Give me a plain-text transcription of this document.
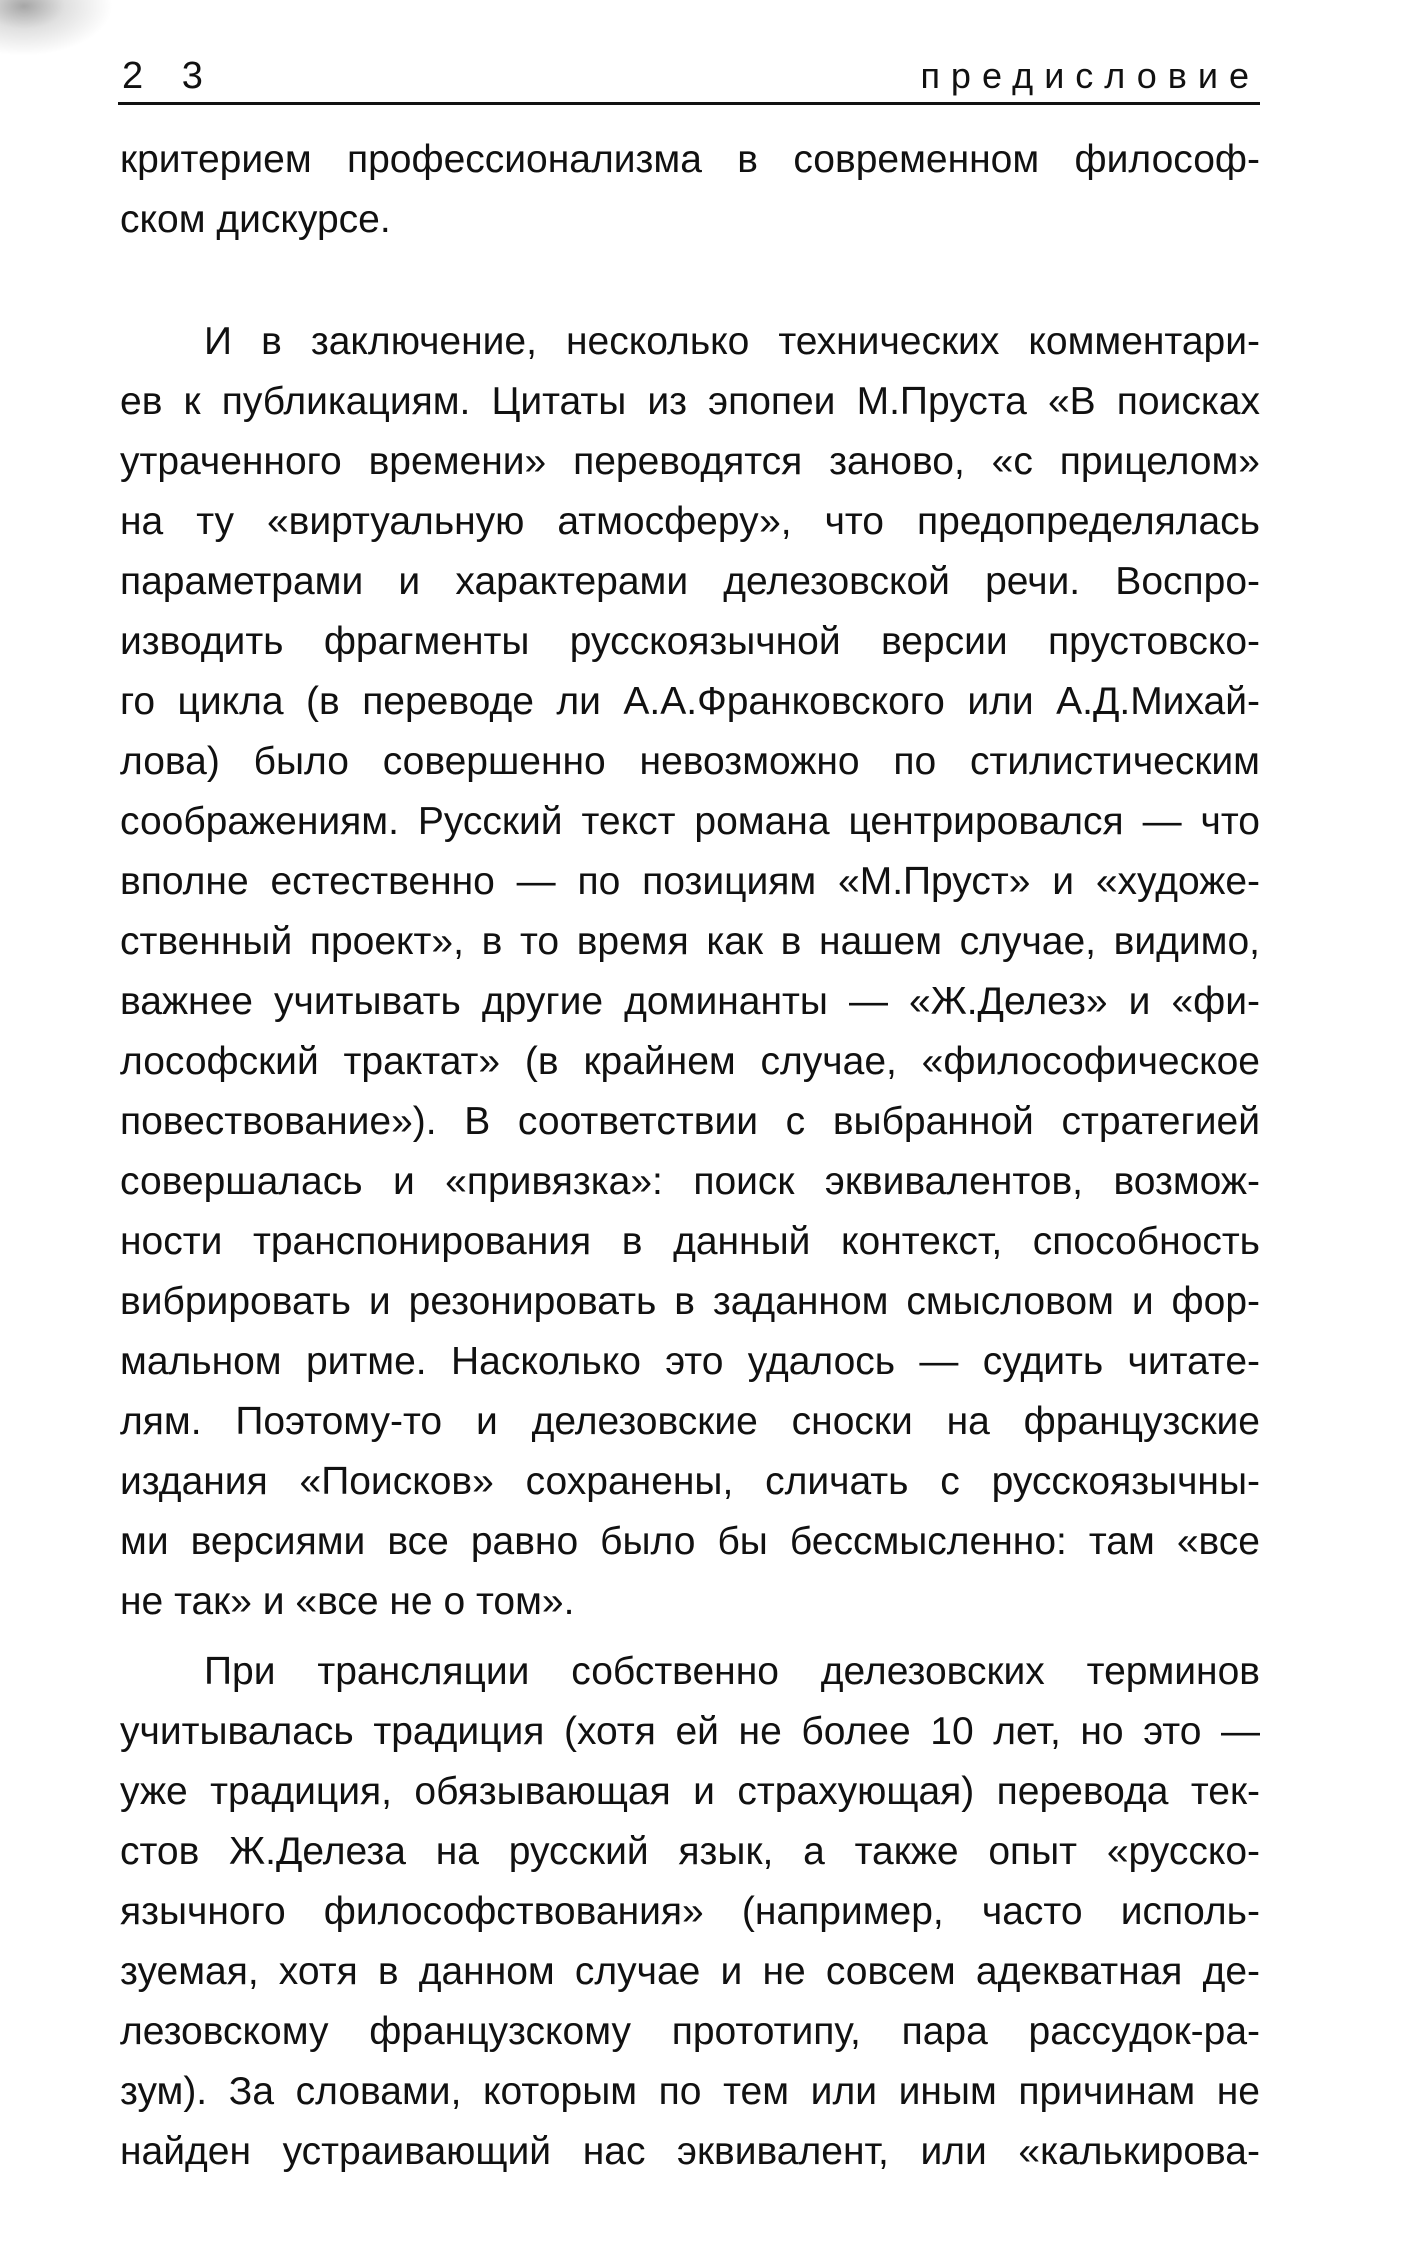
2 3	предисловие
критерием профессионализма в современном философ-
ском дискурсе.
И в заключение, несколько технических комментари-
ев к публикациям. Цитаты из эпопеи М.Пруста «В поисках
утраченного времени» переводятся заново, «с прицелом»
на ту «виртуальную атмосферу», что предопределялась
параметрами и характерами делезовской речи. Воспро-
изводить фрагменты русскоязычной версии прустовско-
го цикла (в переводе ли А.А.Франковского или А.Д.Михай-
лова) было совершенно невозможно по стилистическим
соображениям. Русский текст романа центрировался — что
вполне естественно — по позициям «М.Пруст» и «художе-
ственный проект», в то время как в нашем случае, видимо,
важнее учитывать другие доминанты — «Ж.Делез» и «фи-
лософский трактат» (в крайнем случае, «философическое
повествование»). В соответствии с выбранной стратегией
совершалась и «привязка»: поиск эквивалентов, возмож-
ности транспонирования в данный контекст, способность
вибрировать и резонировать в заданном смысловом и фор-
мальном ритме. Насколько это удалось — судить читате-
лям. Поэтому-то и делезовские сноски на французские
издания «Поисков» сохранены, сличать с русскоязычны-
ми версиями все равно было бы бессмысленно: там «все
не так» и «все не о том».
При трансляции собственно делезовских терминов
учитывалась традиция (хотя ей не более 10 лет, но это —
уже традиция, обязывающая и страхующая) перевода тек-
стов Ж.Делеза на русский язык, а также опыт «русско-
язычного философствования» (например, часто исполь-
зуемая, хотя в данном случае и не совсем адекватная де-
лезовскому французскому прототипу, пара рассудок-ра-
зум). За словами, которым по тем или иным причинам не
найден устраивающий нас эквивалент, или «калькирова-
